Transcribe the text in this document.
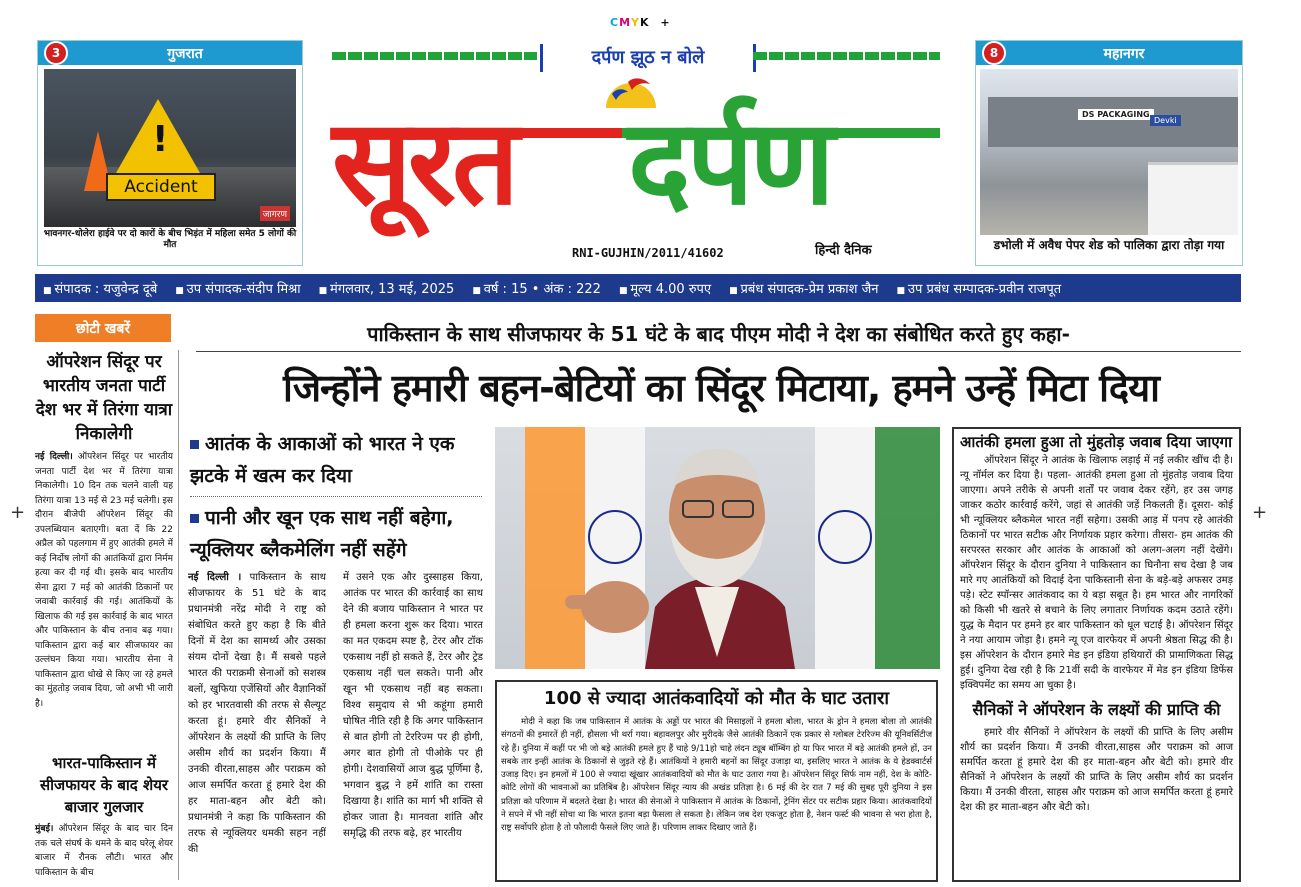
CMYK +
+	+
3	गुजरात
!
Accident
जागरण
भावनगर-धोलेरा हाईवे पर दो कारों के बीच भिड़ंत में महिला समेत 5 लोगों की मौत
8	महानगर
DS PACKAGING
Devki
डभोली में अवैध पेपर शेड को पालिका द्वारा तोड़ा गया
दर्पण झूठ न बोले
सूरत दर्पण
RNI-GUJHIN/2011/41602	हिन्दी दैनिक
■ संपादक : यजुवेन्द्र दूबे	■ उप संपादक-संदीप मिश्रा	■ मंगलवार, 13 मई, 2025	■ वर्ष : 15 • अंक : 222	■ मूल्य 4.00 रुपए	■ प्रबंध संपादक-प्रेम प्रकाश जैन	■ उप प्रबंध सम्पादक-प्रवीन राजपूत
छोटी खबरें
ऑपरेशन सिंदूर पर भारतीय जनता पार्टी देश भर में तिरंगा यात्रा निकालेगी
नई दिल्ली। ऑपरेशन सिंदूर पर भारतीय जनता पार्टी देश भर में तिरंगा यात्रा निकालेगी। 10 दिन तक चलने वाली यह तिरंगा यात्रा 13 मई से 23 मई चलेगी। इस दौरान बीजेपी ऑपरेशन सिंदूर की उपलब्धियान बताएगी। बता दें कि 22 अप्रैल को पहलगाम में हुए आतंकी हमले में कई निर्दोष लोगों की आतंकियों द्वारा निर्मम हत्या कर दी गई थी। इसके बाद भारतीय सेना द्वारा 7 मई को आतंकी ठिकानों पर जवाबी कार्रवाई की गई। आतंकियों के खिलाफ की गई इस कार्रवाई के बाद भारत और पाकिस्तान के बीच तनाव बढ़ गया। पाकिस्तान द्वारा कई बार सीजफायर का उल्लंघन किया गया। भारतीय सेना ने पाकिस्तान द्वारा धोखे से किए जा रहे हमले का मुंहतोड़ जवाब दिया, जो अभी भी जारी है।
भारत-पाकिस्तान में सीजफायर के बाद शेयर बाजार गुलजार
मुंबई। ऑपरेशन सिंदूर के बाद चार दिन तक चले संघर्ष के थमने के बाद घरेलू शेयर बाजार में रौनक लौटी। भारत और पाकिस्तान के बीच
पाकिस्तान के साथ सीजफायर के 51 घंटे के बाद पीएम मोदी ने देश का संबोधित करते हुए कहा-
जिन्होंने हमारी बहन-बेटियों का सिंदूर मिटाया, हमने उन्हें मिटा दिया
आतंक के आकाओं को भारत ने एक झटके में खत्म कर दिया
पानी और खून एक साथ नहीं बहेगा, न्यूक्लियर ब्लैकमेलिंग नहीं सहेंगे
नई दिल्ली । पाकिस्तान के साथ सीजफायर के 51 घंटे के बाद प्रधानमंत्री नरेंद्र मोदी ने राष्ट्र को संबोधित करते हुए कहा है कि बीते दिनों में देश का सामर्थ्य और उसका संयम दोनों देखा है। मैं सबसे पहले भारत की पराक्रमी सेनाओं को सशस्त्र बलों, खुफिया एजेंसियों और वैज्ञानिकों को हर भारतवासी की तरफ से सैल्यूट करता हूं। हमारे वीर सैनिकों ने ऑपरेशन के लक्ष्यों की प्राप्ति के लिए असीम शौर्य का प्रदर्शन किया। मैं उनकी वीरता,साहस और पराक्रम को आज समर्पित करता हूं हमारे देश की हर माता-बहन और बेटी को। प्रधानमंत्री ने कहा कि पाकिस्तान की तरफ से न्यूक्लियर धमकी सहन नहीं की
में उसने एक और दुस्साहस किया, आतंक पर भारत की कार्रवाई का साथ देने की बजाय पाकिस्तान ने भारत पर ही हमला करना शुरू कर दिया। भारत का मत एकदम स्पष्ट है, टेरर और टॉक एकसाथ नहीं हो सकते हैं, टेरर और ट्रेड एकसाथ नहीं चल सकते। पानी और खून भी एकसाथ नहीं बह सकता। विश्व समुदाय से भी कहूंगा हमारी घोषित नीति रही है कि अगर पाकिस्तान से बात होगी तो टेररिज्म पर ही होगी, अगर बात होगी तो पीओके पर ही होगी। देशवासियों आज बुद्ध पूर्णिमा है, भगवान बुद्ध ने हमें शांति का रास्ता दिखाया है। शांति का मार्ग भी शक्ति से होकर जाता है। मानवता शांति और समृद्धि की तरफ बढ़े, हर भारतीय
100 से ज्यादा आतंकवादियों को मौत के घाट उतारा
मोदी ने कहा कि जब पाकिस्तान में आतंक के अड्डों पर भारत की मिसाइलों ने हमला बोला, भारत के ड्रोन ने हमला बोला तो आतंकी संगठनों की इमारतें ही नहीं, हौसला भी थर्रा गया। बहावलपुर और मुरीदके जैसे आतंकी ठिकानें एक प्रकार से ग्लोबल टेररिज्म की यूनिवर्सिटीज रहे हैं। दुनिया में कहीं पर भी जो बड़े आतंकी हमले हुए हैं चाहे 9/11हो चाहे लंदन ट्यूब बॉम्बिंग हो या फिर भारत में बड़े आतंकी हमले हों, उन सबके तार इन्हीं आतंक के ठिकानों से जुड़ते रहे हैं। आतंकियों ने हमारी बहनों का सिंदूर उजाड़ा था, इसलिए भारत ने आतंक के ये हेडक्वार्टर्स उजाड़ दिए। इन हमलों में 100 से ज्यादा खूंखार आतंकवादियों को मौत के घाट उतारा गया है। ऑपरेशन सिंदूर सिर्फ नाम नहीं, देश के कोटि-कोटि लोगों की भावनाओं का प्रतिबिंब है। ऑपरेशन सिंदूर न्याय की अखंड प्रतिज्ञा है। 6 मई की देर रात 7 मई की सुबह पूरी दुनिया ने इस प्रतिज्ञा को परिणाम में बदलते देखा है। भारत की सेनाओं ने पाकिस्तान में आतंक के ठिकानों, ट्रेनिंग सेंटर पर सटीक प्रहार किया। आतंकवादियों ने सपने में भी नहीं सोचा था कि भारत इतना बड़ा फैसला ले सकता है। लेकिन जब देश एकजुट होता है, नेशन फर्स्ट की भावना से भरा होता है, राष्ट्र सर्वोपरि होता है तो फौलादी फैसले लिए जाते हैं। परिणाम लाकर दिखाए जाते हैं।
आतंकी हमला हुआ तो मुंहतोड़ जवाब दिया जाएगा
ऑपरेशन सिंदूर ने आतंक के खिलाफ लड़ाई में नई लकीर खींच दी है। न्यू नॉर्मल कर दिया है। पहला- आतंकी हमला हुआ तो मुंहतोड़ जवाब दिया जाएगा। अपने तरीके से अपनी शर्तों पर जवाब देकर रहेंगे, हर उस जगह जाकर कठोर कार्रवाई करेंगे, जहां से आतंकी जड़ें निकलती हैं। दूसरा- कोई भी न्यूक्लियर ब्लैकमेल भारत नहीं सहेगा। उसकी आड़ में पनप रहे आतंकी ठिकानों पर भारत सटीक और निर्णायक प्रहार करेगा। तीसरा- हम आतंक की सरपरस्त सरकार और आतंक के आकाओं को अलग-अलग नहीं देखेंगे। ऑपरेशन सिंदूर के दौरान दुनिया ने पाकिस्तान का घिनौना सच देखा है जब मारे गए आतंकियों को विदाई देना पाकिस्तानी सेना के बड़े-बड़े अफसर उमड़ पड़े। स्टेट स्पॉन्सर आतंकवाद का ये बड़ा सबूत है। हम भारत और नागरिकों को किसी भी खतरे से बचाने के लिए लगातार निर्णायक कदम उठाते रहेंगे। युद्ध के मैदान पर हमने हर बार पाकिस्तान को धूल चटाई है। ऑपरेशन सिंदूर ने नया आयाम जोड़ा है। हमने न्यू एज वारफेयर में अपनी श्रेष्ठता सिद्ध की है। इस ऑपरेशन के दौरान हमारे मेड इन इंडिया हथियारों की प्रामाणिकता सिद्ध हुई। दुनिया देख रही है कि 21वीं सदी के वारफेयर में मेड इन इंडिया डिफेंस इक्विपमेंट का समय आ चुका है।
सैनिकों ने ऑपरेशन के लक्ष्यों की प्राप्ति की
हमारे वीर सैनिकों ने ऑपरेशन के लक्ष्यों की प्राप्ति के लिए असीम शौर्य का प्रदर्शन किया। मैं उनकी वीरता,साहस और पराक्रम को आज समर्पित करता हूं हमारे देश की हर माता-बहन और बेटी को। हमारे वीर सैनिकों ने ऑपरेशन के लक्ष्यों की प्राप्ति के लिए असीम शौर्य का प्रदर्शन किया। मैं उनकी वीरता, साहस और पराक्रम को आज समर्पित करता हूं हमारे देश की हर माता-बहन और बेटी को।
